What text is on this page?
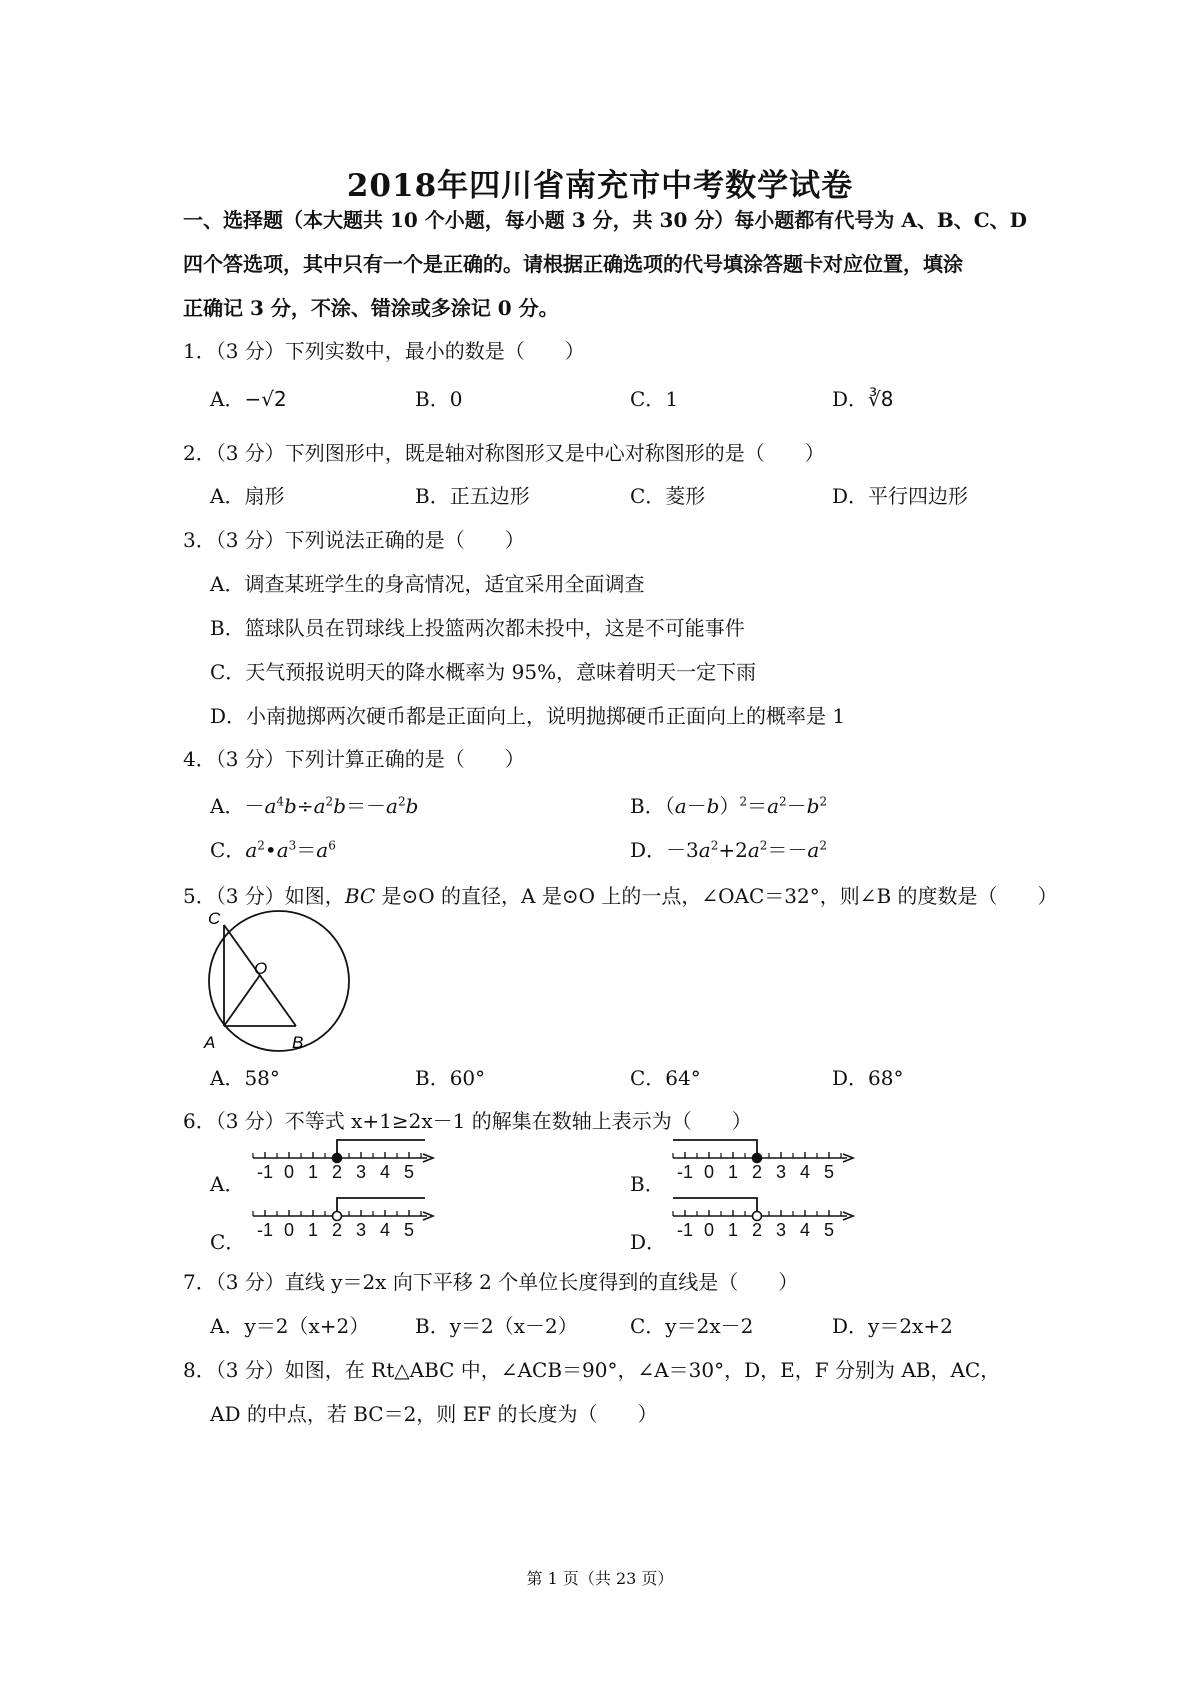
2018年四川省南充市中考数学试卷
一、选择题（本大题共 10 个小题，每小题 3 分，共 30 分）每小题都有代号为 A、B、C、D
四个答选项，其中只有一个是正确的。请根据正确选项的代号填涂答题卡对应位置，填涂
正确记 3 分，不涂、错涂或多涂记 0 分。
1．（3 分）下列实数中，最小的数是（　　）
A．−√2	B．0	C．1	D．∛8
2．（3 分）下列图形中，既是轴对称图形又是中心对称图形的是（　　）
A．扇形	B．正五边形	C．菱形	D．平行四边形
3．（3 分）下列说法正确的是（　　）
A．调查某班学生的身高情况，适宜采用全面调查
B．篮球队员在罚球线上投篮两次都未投中，这是不可能事件
C．天气预报说明天的降水概率为 95%，意味着明天一定下雨
D．小南抛掷两次硬币都是正面向上，说明抛掷硬币正面向上的概率是 1
4．（3 分）下列计算正确的是（　　）
A．$-a^4b\div a^2b=-a^2b$	B．$(a-b)^2=a^2-b^2$
C．$a^2•a^3=a^6$	D．$-3a^2+2a^2=-a^2$
5．（3 分）如图，BC 是⊙O 的直径，A 是⊙O 上的一点，∠OAC＝32°，则∠B 的度数是（　　）
C
O
A	B
A．58°	B．60°	C．64°	D．68°
6．（3 分）不等式 x+1≥2x－1 的解集在数轴上表示为（　　）
A． -1 0 1 2 3 4 5	B． -1 0 1 2 3 4 5
C． -1 0 1 2 3 4 5	D． -1 0 1 2 3 4 5
7．（3 分）直线 y＝2x 向下平移 2 个单位长度得到的直线是（　　）
A．y＝2（x+2） B．y＝2（x－2）	C．y＝2x－2	D．y＝2x+2
8．（3 分）如图，在 Rt△ABC 中，∠ACB＝90°，∠A＝30°，D，E，F 分别为 AB，AC，
AD 的中点，若 BC＝2，则 EF 的长度为（　　）
第 1 页（共 23 页）
